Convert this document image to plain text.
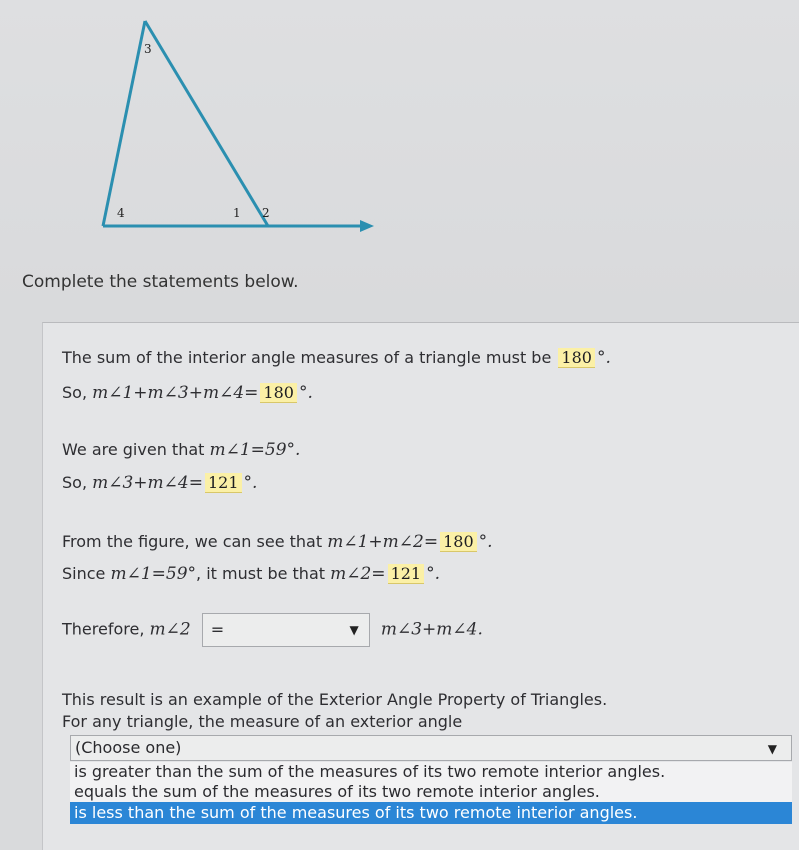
3
4	1 2
Complete the statements below.
The sum of the interior angle measures of a triangle must be 180 °.
So, m∠1+m∠3+m∠4= 180 °.
We are given that m∠1=59°.
So, m∠3+m∠4= 121 °.
From the figure, we can see that m∠1+m∠2= 180 °.
Since m∠1=59°, it must be that m∠2= 121 °.
Therefore, m∠2 =	▼ m∠3+m∠4.
This result is an example of the Exterior Angle Property of Triangles.
For any triangle, the measure of an exterior angle
(Choose one)	▼
is greater than the sum of the measures of its two remote interior angles.
equals the sum of the measures of its two remote interior angles.
is less than the sum of the measures of its two remote interior angles.
